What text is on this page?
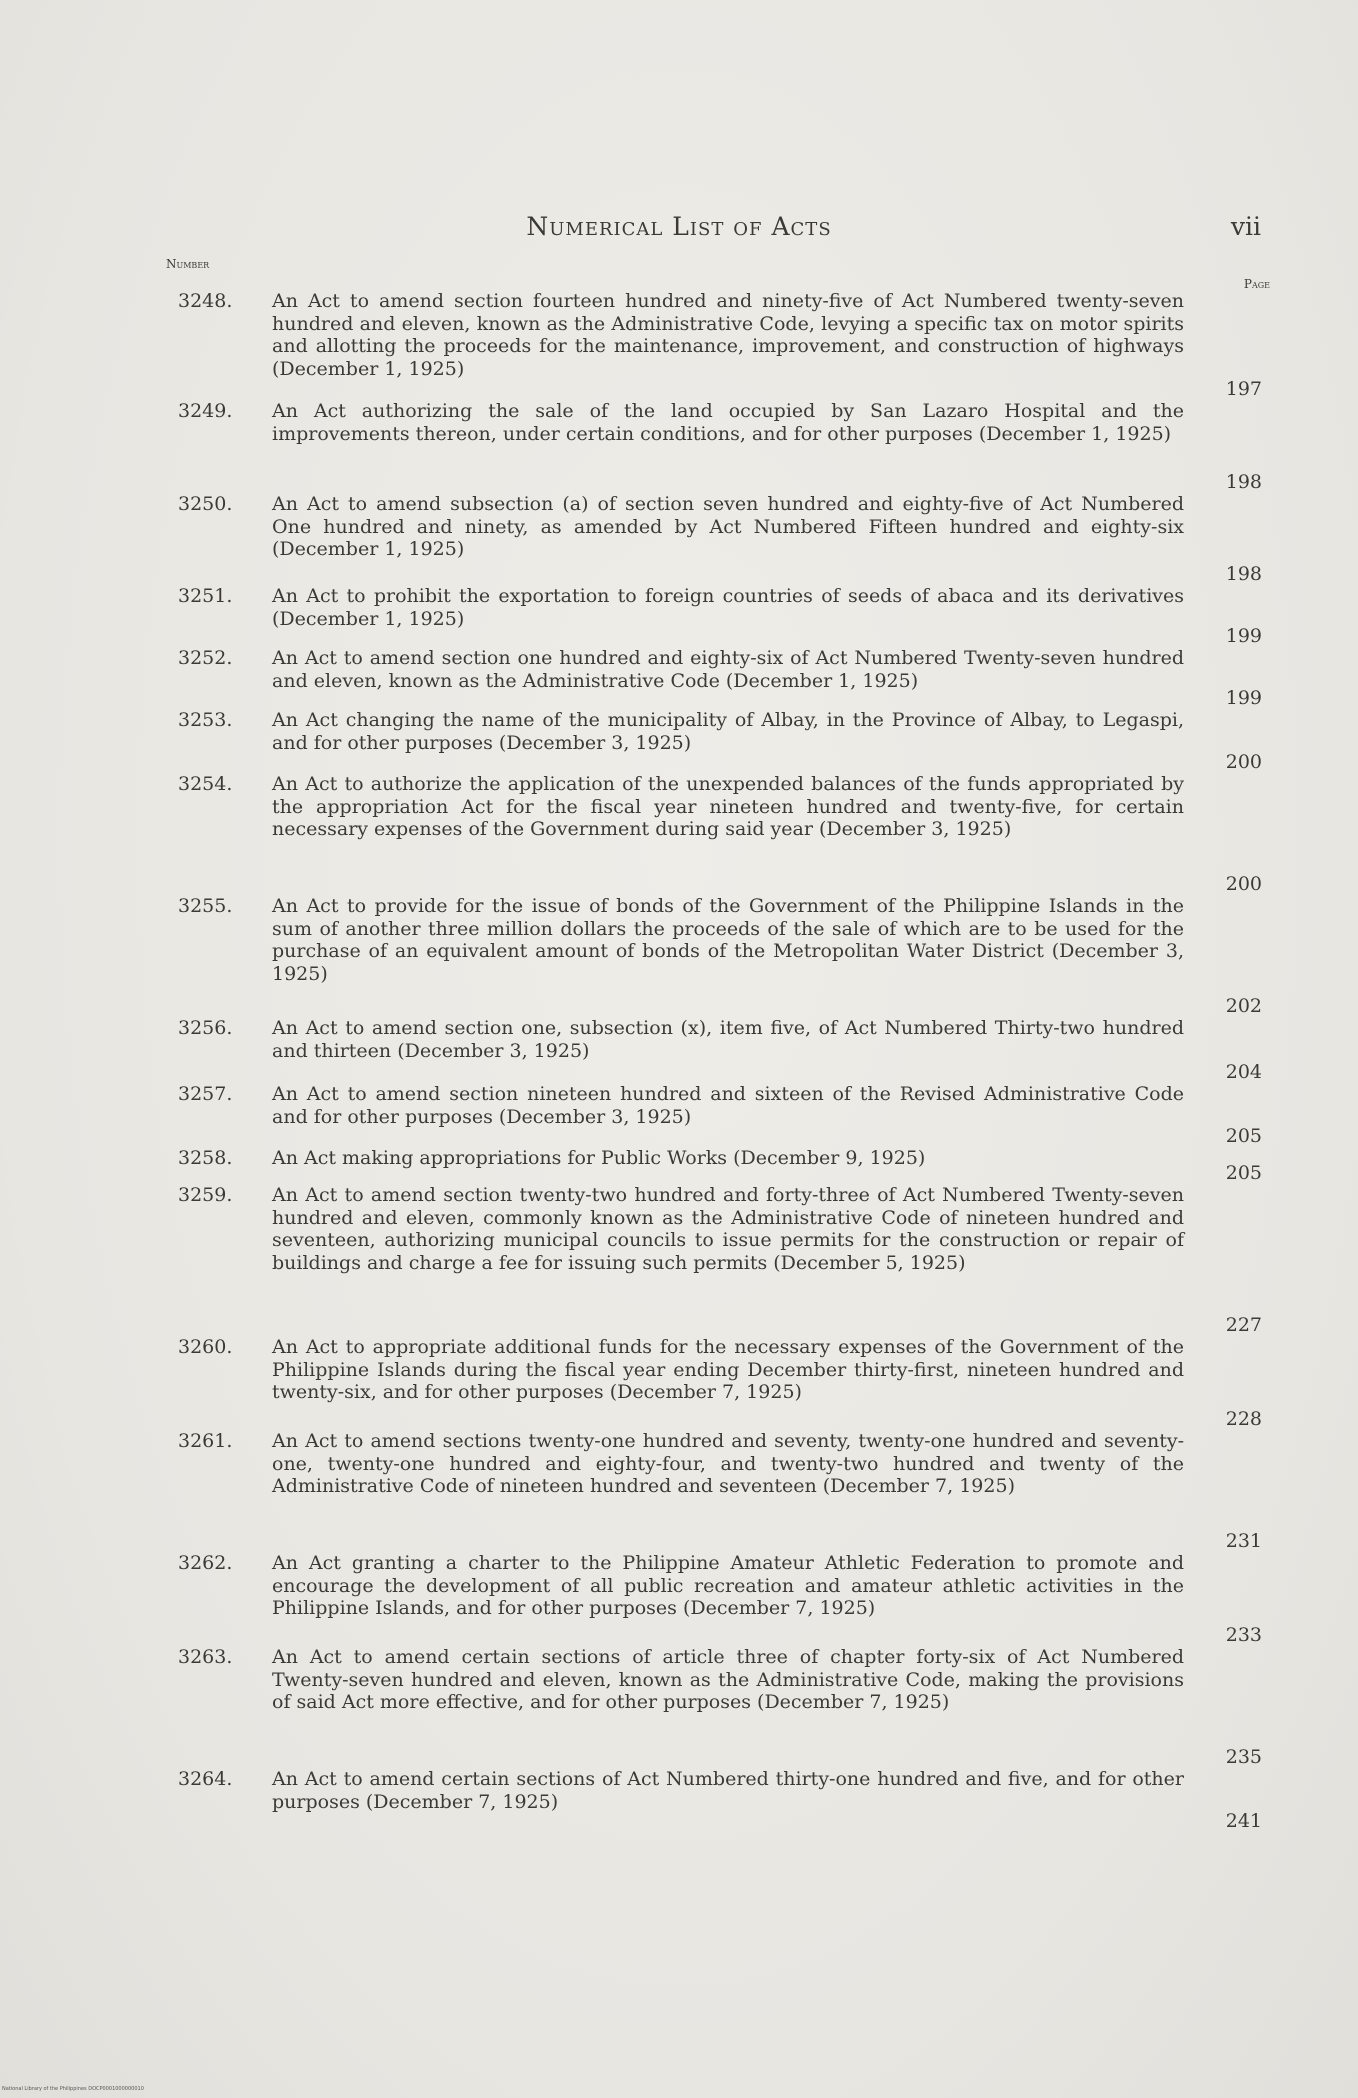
Numerical List of Acts	vii
Number
Page
3248.	An Act to amend section fourteen hundred and ninety-five of Act Numbered twenty-seven hundred and eleven, known as the Administrative Code, levying a specific tax on motor spirits and allotting the proceeds for the maintenance, improvement, and construction of highways (December 1, 1925)
197
3249.	An Act authorizing the sale of the land occupied by San Lazaro Hospital and the improvements thereon, under certain conditions, and for other purposes (December 1, 1925)
198
3250.	An Act to amend subsection (a) of section seven hundred and eighty-five of Act Numbered One hundred and ninety, as amended by Act Numbered Fifteen hundred and eighty-six (December 1, 1925)
198
3251.	An Act to prohibit the exportation to foreign countries of seeds of abaca and its derivatives (December 1, 1925)
199
3252.	An Act to amend section one hundred and eighty-six of Act Numbered Twenty-seven hundred and eleven, known as the Administrative Code (December 1, 1925)
199
3253.	An Act changing the name of the municipality of Albay, in the Province of Albay, to Legaspi, and for other purposes (December 3, 1925)
200
3254.	An Act to authorize the application of the unexpended balances of the funds appropriated by the appropriation Act for the fiscal year nineteen hundred and twenty-five, for certain necessary expenses of the Government during said year (December 3, 1925)
200
3255.	An Act to provide for the issue of bonds of the Government of the Philippine Islands in the sum of another three million dollars the proceeds of the sale of which are to be used for the purchase of an equivalent amount of bonds of the Metropolitan Water District (December 3, 1925)
202
3256.	An Act to amend section one, subsection (x), item five, of Act Numbered Thirty-two hundred and thirteen (December 3, 1925)
204
3257.	An Act to amend section nineteen hundred and sixteen of the Revised Administrative Code and for other purposes (December 3, 1925)
205
3258.	An Act making appropriations for Public Works (December 9, 1925)
205
3259.	An Act to amend section twenty-two hundred and forty-three of Act Numbered Twenty-seven hundred and eleven, commonly known as the Administrative Code of nineteen hundred and seventeen, authorizing municipal councils to issue permits for the construction or repair of buildings and charge a fee for issuing such permits (December 5, 1925)
227
3260.	An Act to appropriate additional funds for the necessary expenses of the Government of the Philippine Islands during the fiscal year ending December thirty-first, nineteen hundred and twenty-six, and for other purposes (December 7, 1925)
228
3261.	An Act to amend sections twenty-one hundred and seventy, twenty-one hundred and seventy-one, twenty-one hundred and eighty-four, and twenty-two hundred and twenty of the Administrative Code of nineteen hundred and seventeen (December 7, 1925)
231
3262.	An Act granting a charter to the Philippine Amateur Athletic Federation to promote and encourage the development of all public recreation and amateur athletic activities in the Philippine Islands, and for other purposes (December 7, 1925)
233
3263.	An Act to amend certain sections of article three of chapter forty-six of Act Numbered Twenty-seven hundred and eleven, known as the Administrative Code, making the provisions of said Act more effective, and for other purposes (December 7, 1925)
235
3264.	An Act to amend certain sections of Act Numbered thirty-one hundred and five, and for other purposes (December 7, 1925)
241
National Library of the Philippines DOCP0001000000010
